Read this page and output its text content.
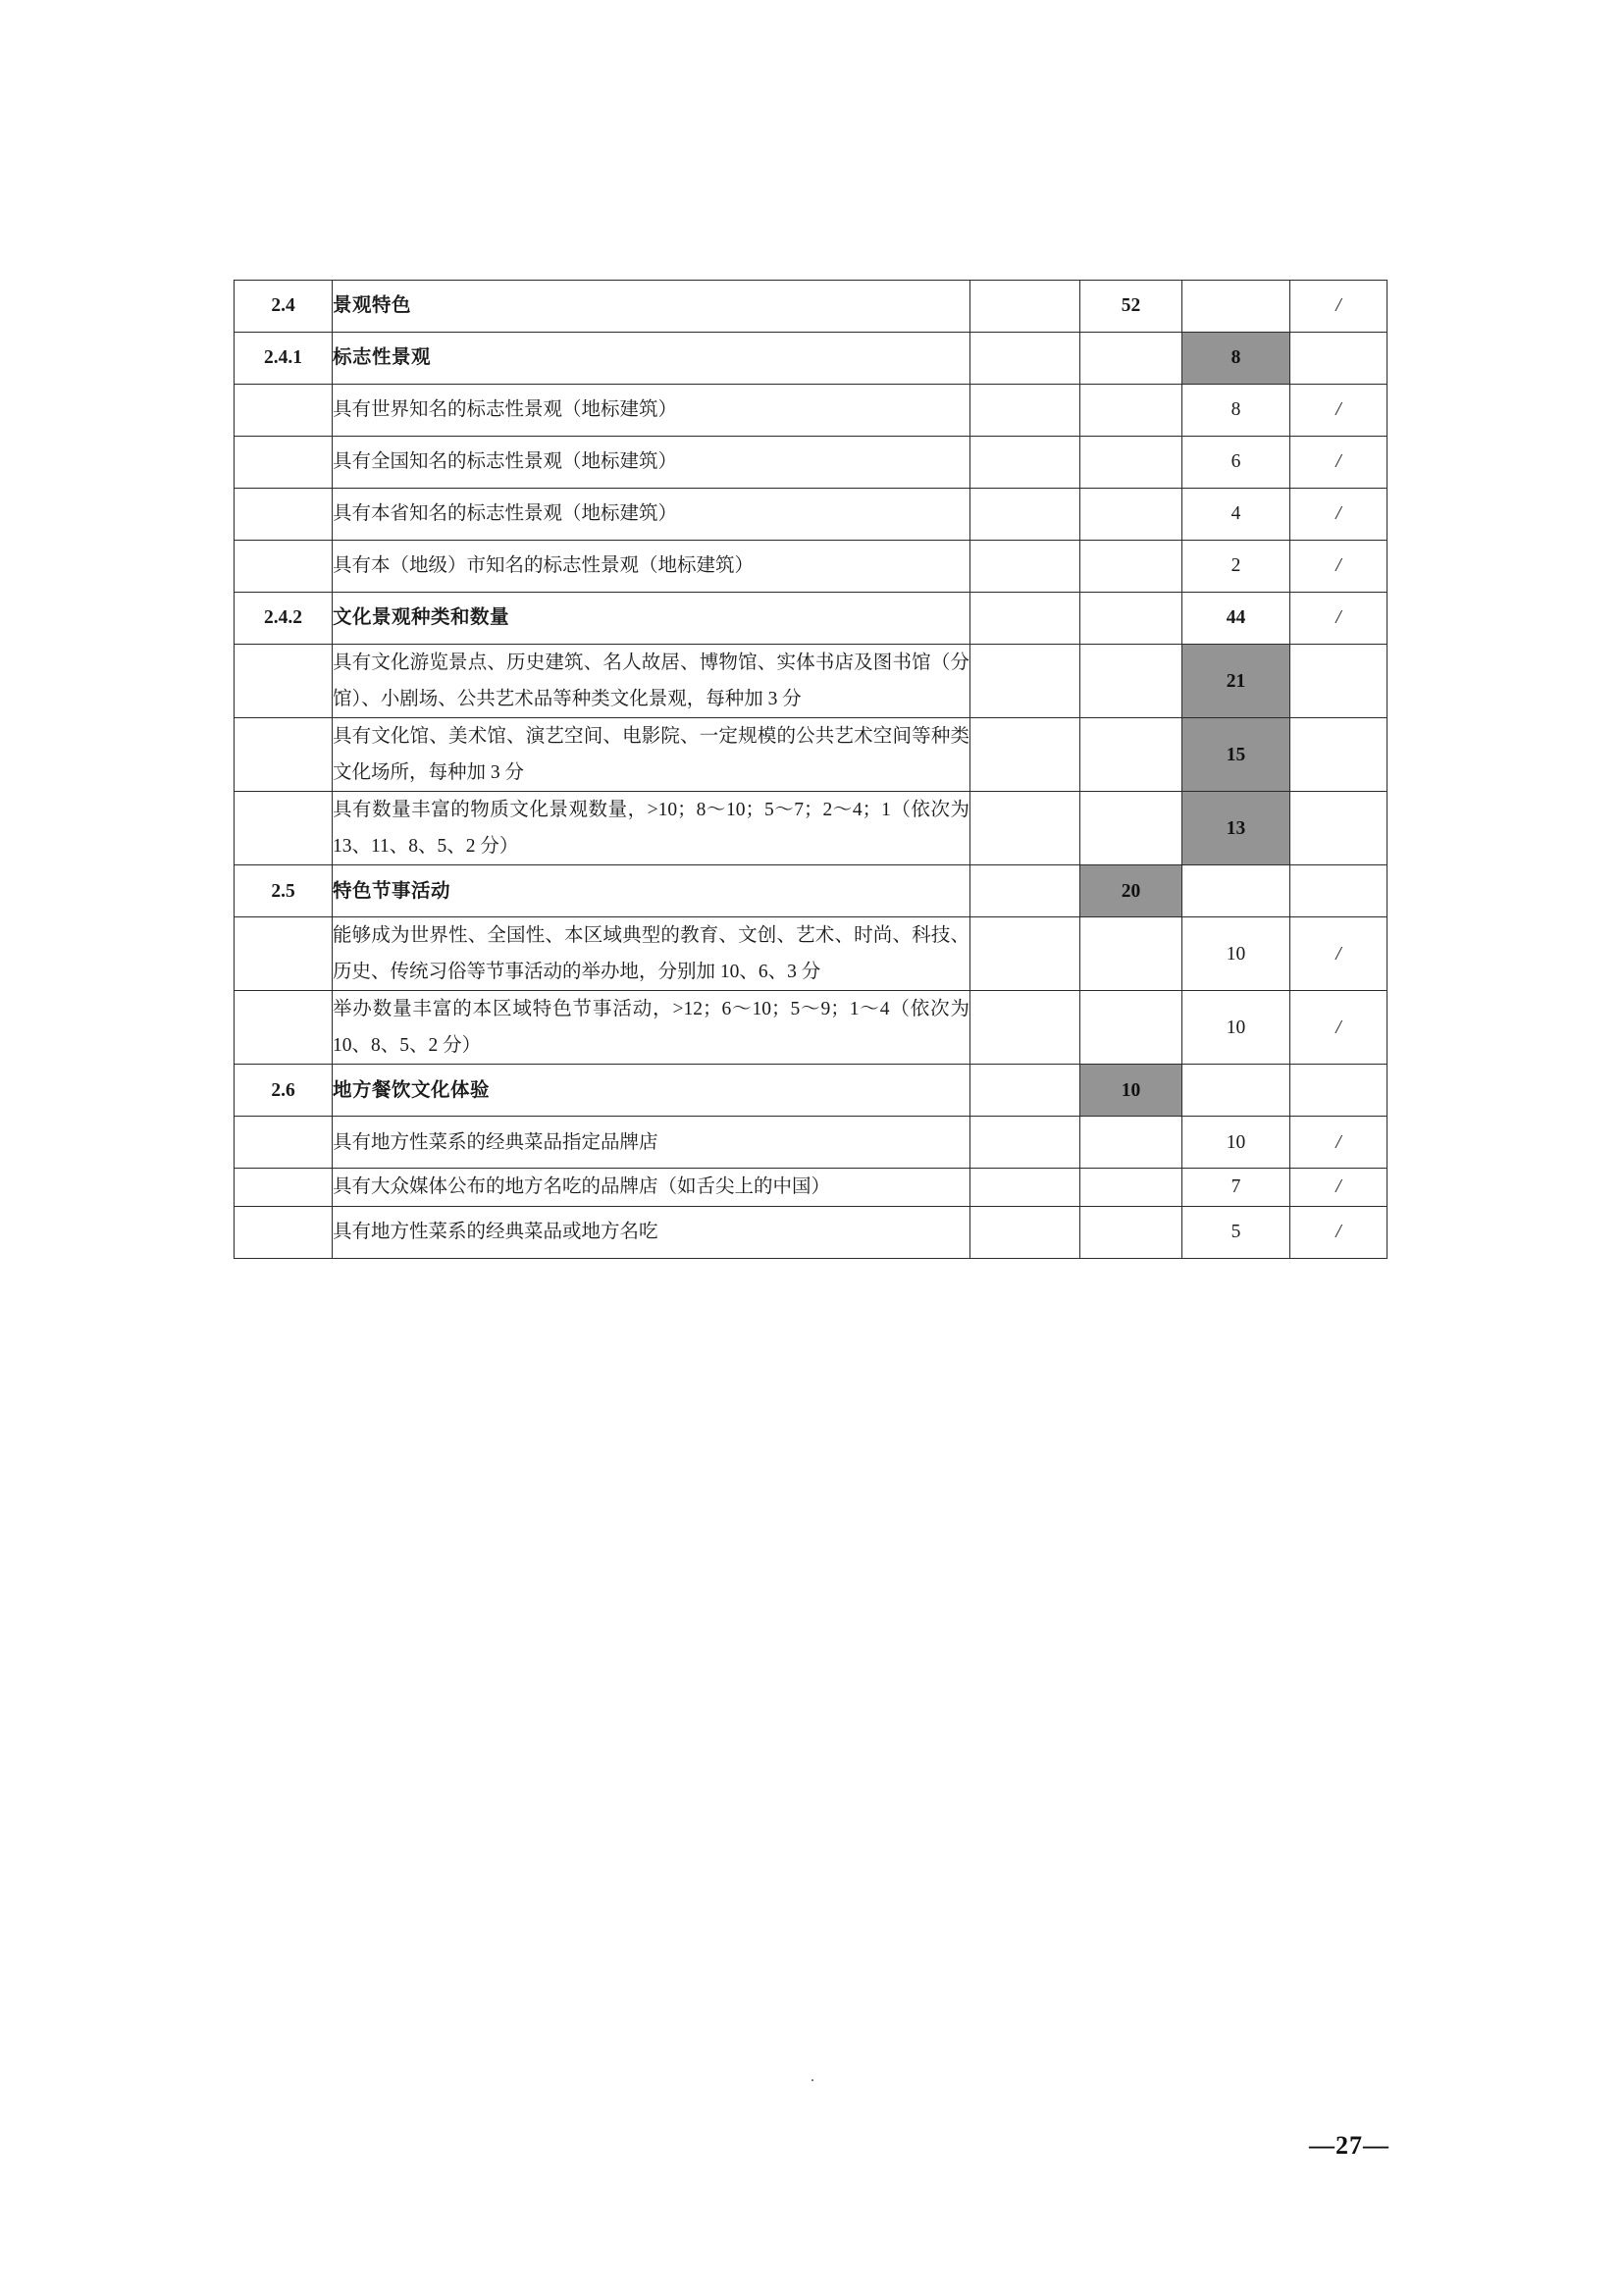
2.4	景观特色		52		/
2.4.1	标志性景观			8	
	具有世界知名的标志性景观（地标建筑）			8	/
	具有全国知名的标志性景观（地标建筑）			6	/
	具有本省知名的标志性景观（地标建筑）			4	/
	具有本（地级）市知名的标志性景观（地标建筑）			2	/
2.4.2	文化景观种类和数量			44	/
	具有文化游览景点、历史建筑、名人故居、博物馆、实体书店及图书馆（分馆）、小剧场、公共艺术品等种类文化景观，每种加 3 分			21	
	具有文化馆、美术馆、演艺空间、电影院、一定规模的公共艺术空间等种类文化场所，每种加 3 分			15	
	具有数量丰富的物质文化景观数量，>10；8～10；5～7；2～4；1（依次为 13、11、8、5、2 分）			13	
2.5	特色节事活动		20		
	能够成为世界性、全国性、本区域典型的教育、文创、艺术、时尚、科技、历史、传统习俗等节事活动的举办地，分别加 10、6、3 分			10	/
	举办数量丰富的本区域特色节事活动，>12；6～10；5～9；1～4（依次为 10、8、5、2 分）			10	/
2.6	地方餐饮文化体验		10		
	具有地方性菜系的经典菜品指定品牌店			10	/
	具有大众媒体公布的地方名吃的品牌店（如舌尖上的中国）			7	/
	具有地方性菜系的经典菜品或地方名吃			5	/
.
—27—
